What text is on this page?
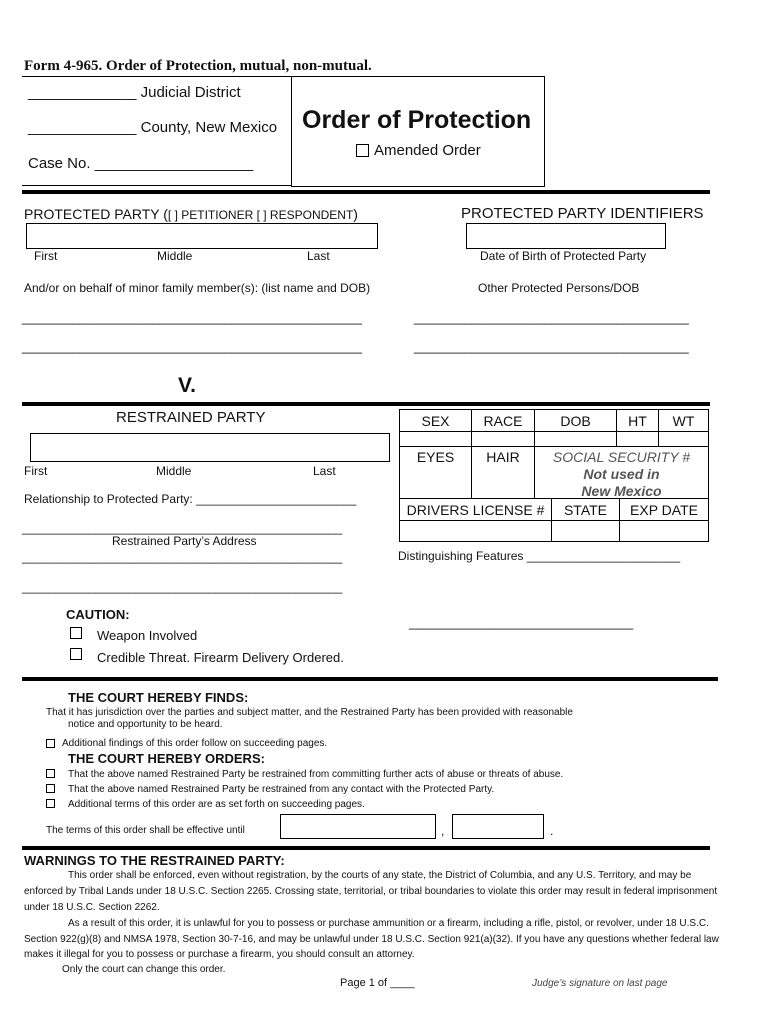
Form 4-965. Order of Protection, mutual, non-mutual.
_____________ Judicial District
_____________ County, New Mexico
Case No. ___________________
Order of Protection
Amended Order
PROTECTED PARTY ([ ] PETITIONER [ ] RESPONDENT)	PROTECTED PARTY IDENTIFIERS
First	Middle	Last	Date of Birth of Protected Party
And/or on behalf of minor family member(s): (list name and DOB)	Other Protected Persons/DOB
_______________________________________________	______________________________________
_______________________________________________	______________________________________
V.
RESTRAINED PARTY
First	Middle	Last
Relationship to Protected Party: ________________________
________________________________________________
Restrained Party’s Address
________________________________________________
________________________________________________
SEX	RACE	DOB	HT	WT
EYES	HAIR	SOCIAL SECURITY #
Not used in New Mexico
DRIVERS LICENSE #	STATE	EXP DATE
Distinguishing Features _______________________
_______________________________
CAUTION:
Weapon Involved
Credible Threat. Firearm Delivery Ordered.
THE COURT HEREBY FINDS:
That it has jurisdiction over the parties and subject matter, and the Restrained Party has been provided with reasonable
notice and opportunity to be heard.
Additional findings of this order follow on succeeding pages.
THE COURT HEREBY ORDERS:
That the above named Restrained Party be restrained from committing further acts of abuse or threats of abuse.
That the above named Restrained Party be restrained from any contact with the Protected Party.
Additional terms of this order are as set forth on succeeding pages.
The terms of this order shall be effective until	,	.
WARNINGS TO THE RESTRAINED PARTY:
This order shall be enforced, even without registration, by the courts of any state, the District of Columbia, and any U.S. Territory, and may be
enforced by Tribal Lands under 18 U.S.C. Section 2265. Crossing state, territorial, or tribal boundaries to violate this order may result in federal imprisonment
under 18 U.S.C. Section 2262.
As a result of this order, it is unlawful for you to possess or purchase ammunition or a firearm, including a rifle, pistol, or revolver, under 18 U.S.C.
Section 922(g)(8) and NMSA 1978, Section 30-7-16, and may be unlawful under 18 U.S.C. Section 921(a)(32). If you have any questions whether federal law
makes it illegal for you to possess or purchase a firearm, you should consult an attorney.
Only the court can change this order.
Page 1 of ____	Judge’s signature on last page
